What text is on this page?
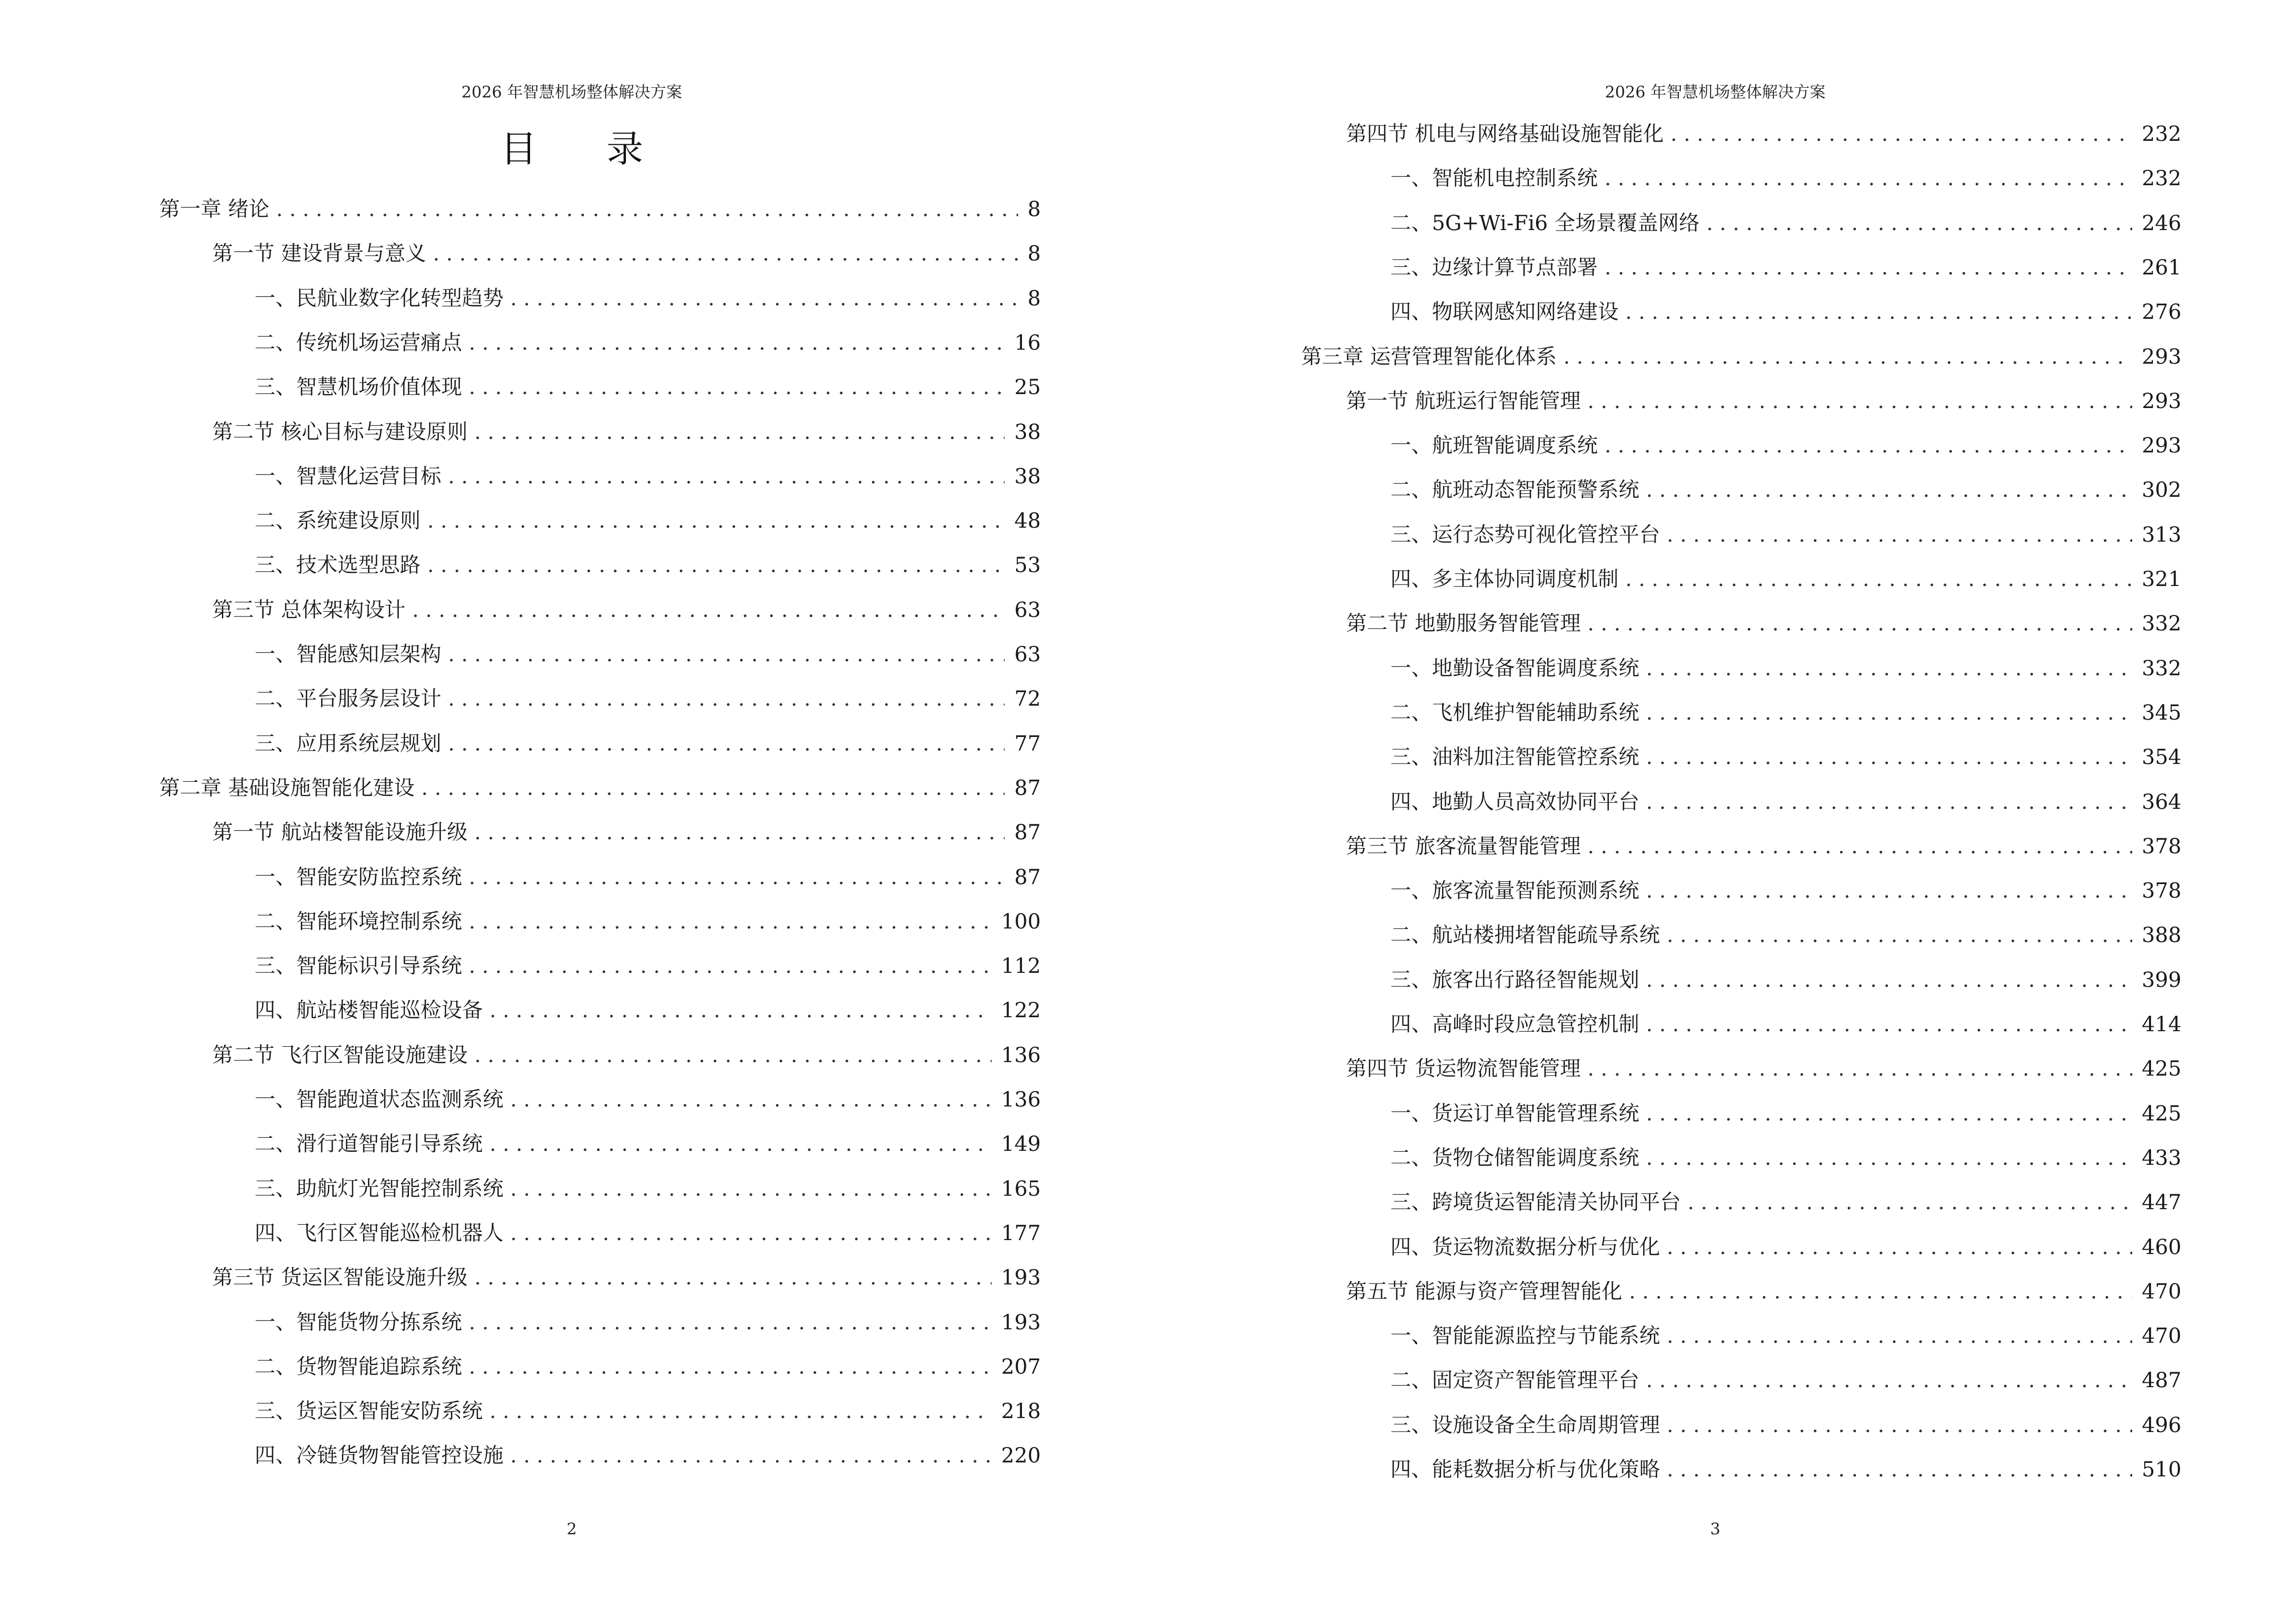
2026 年智慧机场整体解决方案
目 录
第一章 绪论 . . .	8
第一节 建设背景与意义 . . .	8
一、民航业数字化转型趋势 . . .	8
二、传统机场运营痛点 . . .	16
三、智慧机场价值体现 . . .	25
第二节 核心目标与建设原则 . . .	38
一、智慧化运营目标 . . .	38
二、系统建设原则 . . .	48
三、技术选型思路 . . .	53
第三节 总体架构设计 . . .	63
一、智能感知层架构 . . .	63
二、平台服务层设计 . . .	72
三、应用系统层规划 . . .	77
第二章 基础设施智能化建设 . . .	87
第一节 航站楼智能设施升级 . . .	87
一、智能安防监控系统 . . .	87
二、智能环境控制系统 . . .	100
三、智能标识引导系统 . . .	112
四、航站楼智能巡检设备 . . .	122
第二节 飞行区智能设施建设 . . .	136
一、智能跑道状态监测系统 . . .	136
二、滑行道智能引导系统 . . .	149
三、助航灯光智能控制系统 . . .	165
四、飞行区智能巡检机器人 . . .	177
第三节 货运区智能设施升级 . . .	193
一、智能货物分拣系统 . . .	193
二、货物智能追踪系统 . . .	207
三、货运区智能安防系统 . . .	218
四、冷链货物智能管控设施 . . .	220
2
2026 年智慧机场整体解决方案
第四节 机电与网络基础设施智能化 . . .	232
一、智能机电控制系统 . . .	232
二、5G+Wi-Fi6 全场景覆盖网络 . . .	246
三、边缘计算节点部署 . . .	261
四、物联网感知网络建设 . . .	276
第三章 运营管理智能化体系 . . .	293
第一节 航班运行智能管理 . . .	293
一、航班智能调度系统 . . .	293
二、航班动态智能预警系统 . . .	302
三、运行态势可视化管控平台 . . .	313
四、多主体协同调度机制 . . .	321
第二节 地勤服务智能管理 . . .	332
一、地勤设备智能调度系统 . . .	332
二、飞机维护智能辅助系统 . . .	345
三、油料加注智能管控系统 . . .	354
四、地勤人员高效协同平台 . . .	364
第三节 旅客流量智能管理 . . .	378
一、旅客流量智能预测系统 . . .	378
二、航站楼拥堵智能疏导系统 . . .	388
三、旅客出行路径智能规划 . . .	399
四、高峰时段应急管控机制 . . .	414
第四节 货运物流智能管理 . . .	425
一、货运订单智能管理系统 . . .	425
二、货物仓储智能调度系统 . . .	433
三、跨境货运智能清关协同平台 . . .	447
四、货运物流数据分析与优化 . . .	460
第五节 能源与资产管理智能化 . . .	470
一、智能能源监控与节能系统 . . .	470
二、固定资产智能管理平台 . . .	487
三、设施设备全生命周期管理 . . .	496
四、能耗数据分析与优化策略 . . .	510
3
